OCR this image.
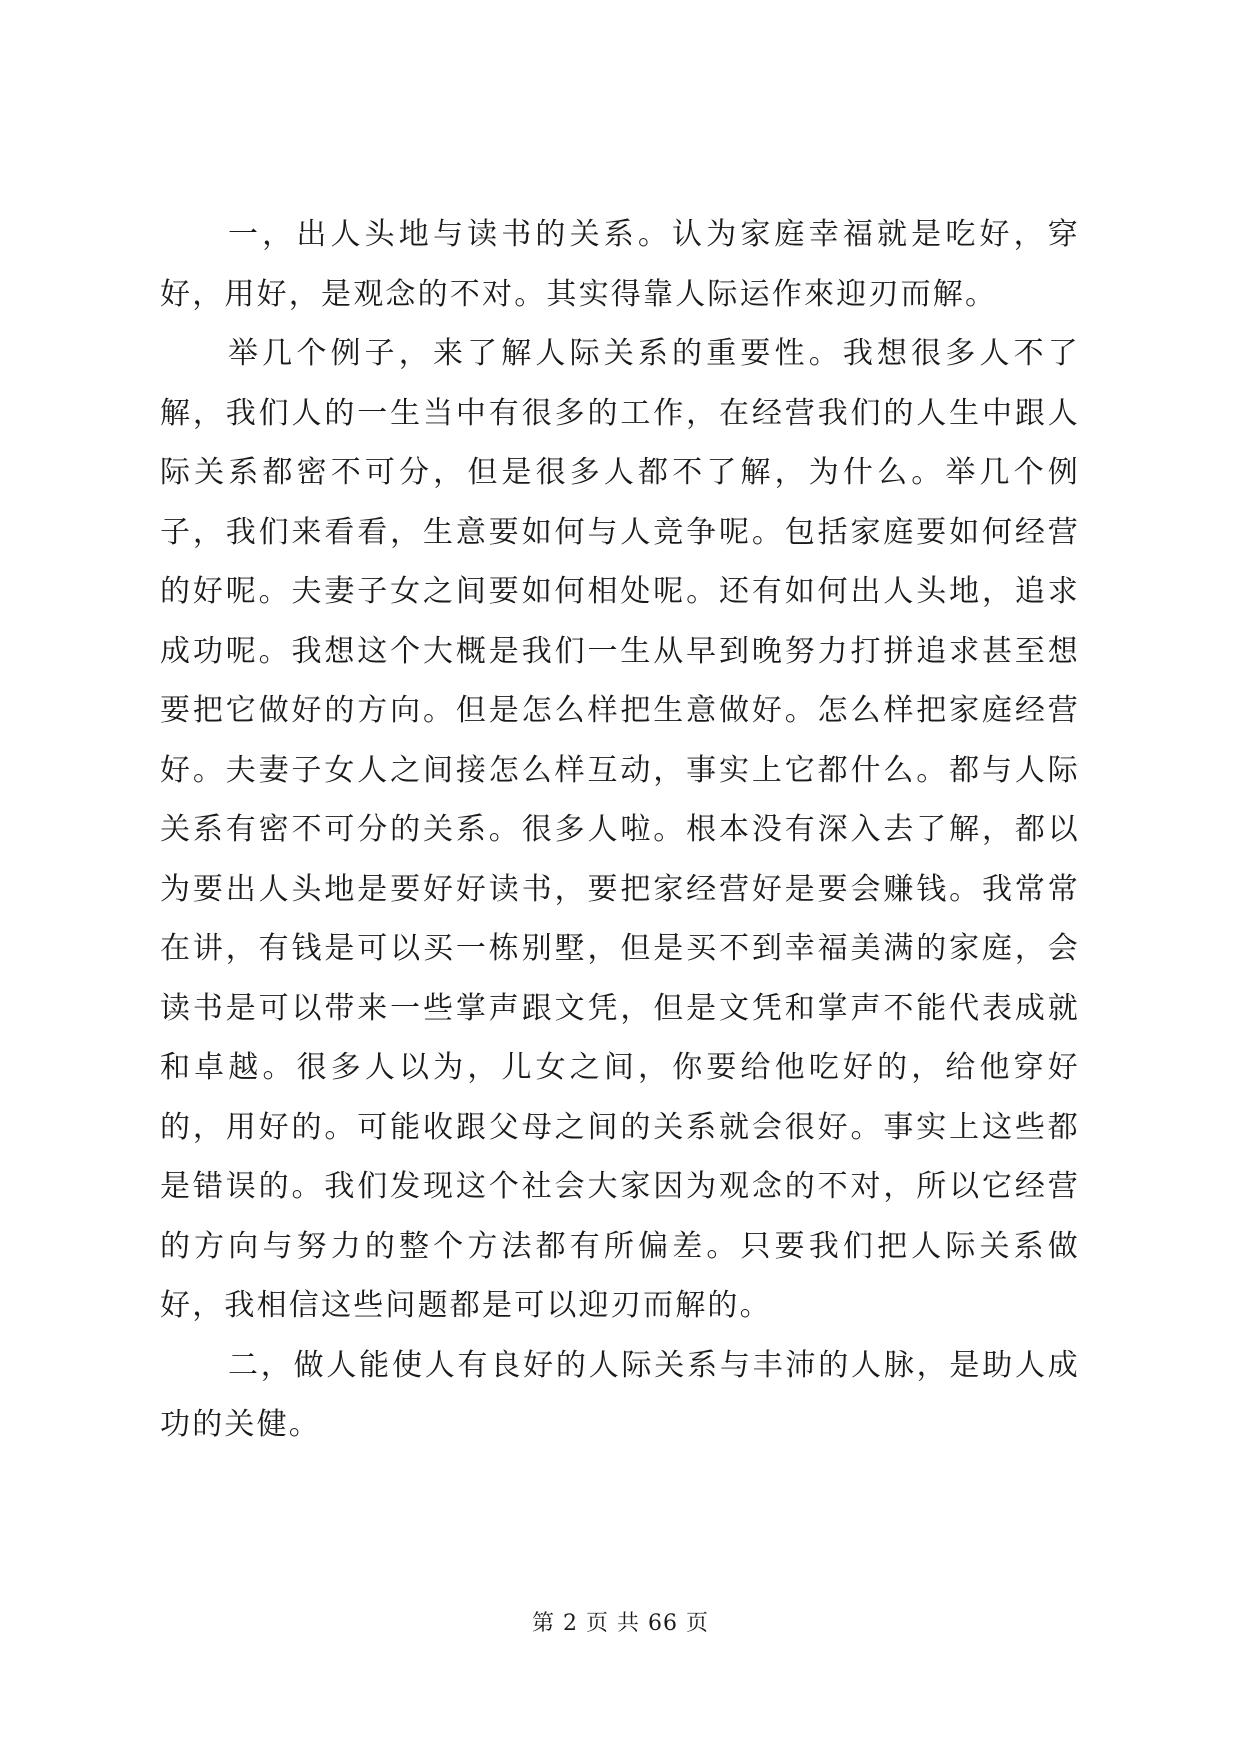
一，出人头地与读书的关系。认为家庭幸福就是吃好，穿好，用好，是观念的不对。其实得靠人际运作來迎刃而解。

举几个例子，来了解人际关系的重要性。我想很多人不了解，我们人的一生当中有很多的工作，在经营我们的人生中跟人际关系都密不可分，但是很多人都不了解，为什么。举几个例子，我们来看看，生意要如何与人竞争呢。包括家庭要如何经营的好呢。夫妻子女之间要如何相处呢。还有如何出人头地，追求成功呢。我想这个大概是我们一生从早到晚努力打拼追求甚至想要把它做好的方向。但是怎么样把生意做好。怎么样把家庭经营好。夫妻子女人之间接怎么样互动，事实上它都什么。都与人际关系有密不可分的关系。很多人啦。根本没有深入去了解，都以为要出人头地是要好好读书，要把家经营好是要会赚钱。我常常在讲，有钱是可以买一栋别墅，但是买不到幸福美满的家庭，会读书是可以带来一些掌声跟文凭，但是文凭和掌声不能代表成就和卓越。很多人以为，儿女之间，你要给他吃好的，给他穿好的，用好的。可能收跟父母之间的关系就会很好。事实上这些都是错误的。我们发现这个社会大家因为观念的不对，所以它经营的方向与努力的整个方法都有所偏差。只要我们把人际关系做好，我相信这些问题都是可以迎刃而解的。

二，做人能使人有良好的人际关系与丰沛的人脉，是助人成功的关健。

第 2 页 共 66 页
